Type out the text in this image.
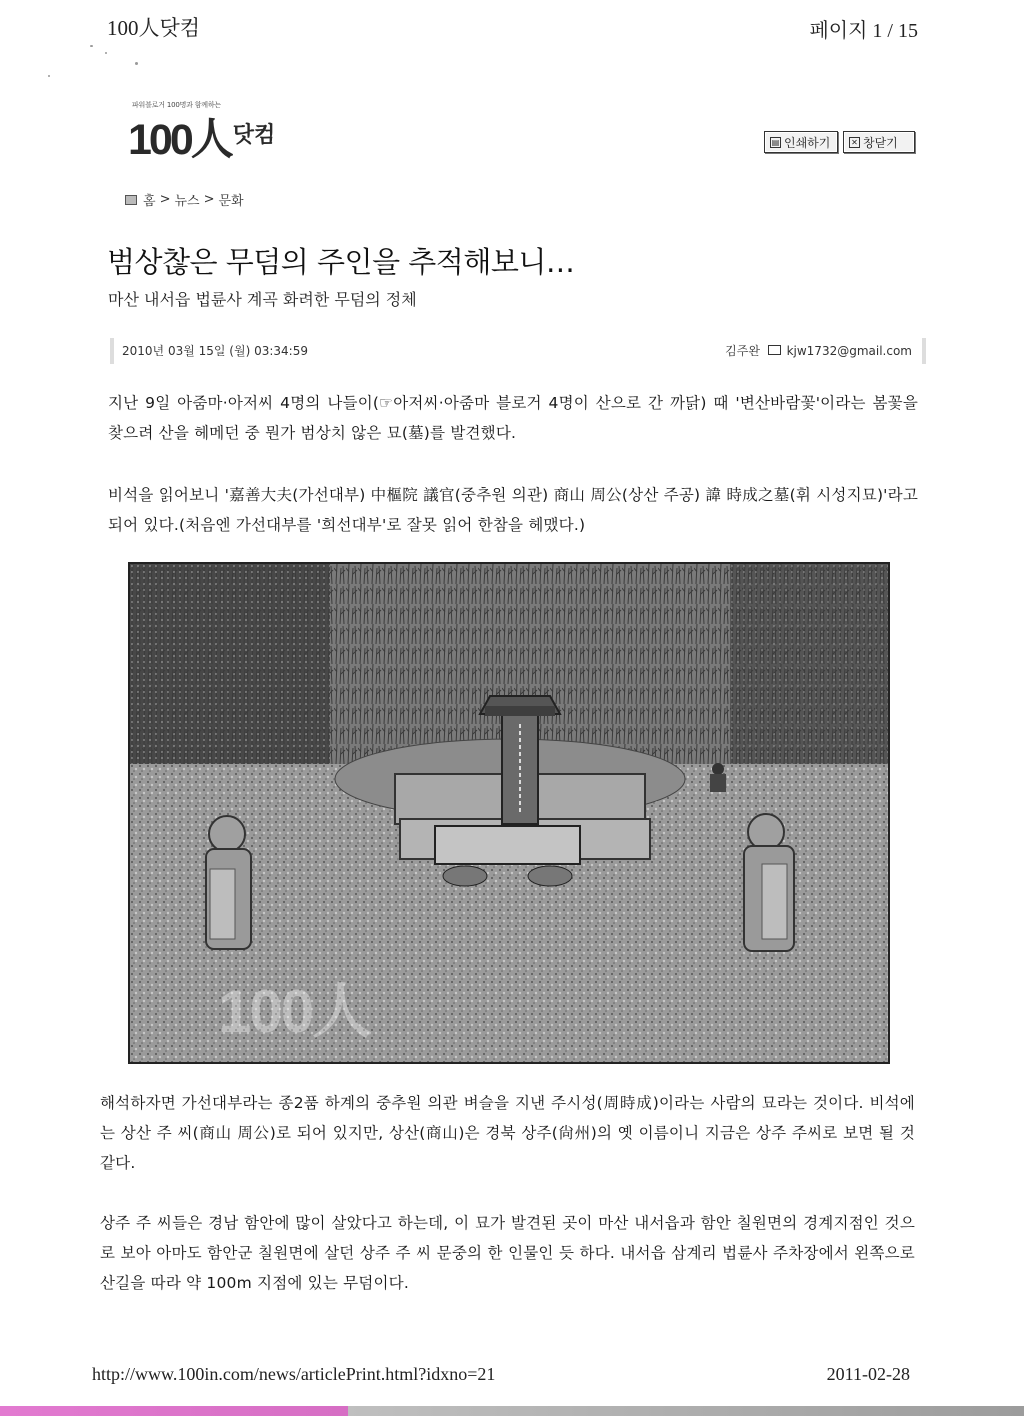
100人닷컴	페이지 1 / 15
파워블로거 100명과 함께하는
100人$^{닷컴}$	▤ 인쇄하기	✕ 창닫기
홈 > 뉴스 > 문화
범상찮은 무덤의 주인을 추적해보니…
마산 내서읍 법륜사 계곡 화려한 무덤의 정체
2010년 03월 15일 (월) 03:34:59	김주완 kjw1732@gmail.com
지난 9일 아줌마·아저씨 4명의 나들이(☞아저씨·아줌마 블로거 4명이 산으로 간 까닭) 때 '변산바람꽃'이라는 봄꽃을 찾으려 산을 헤메던 중 뭔가 범상치 않은 묘(墓)를 발견했다.
비석을 읽어보니 '嘉善大夫(가선대부) 中樞院 議官(중추원 의관) 商山 周公(상산 주공) 諱 時成之墓(휘 시성지묘)'라고 되어 있다.(처음엔 가선대부를 '희선대부'로 잘못 읽어 한참을 헤맸다.)
100人
해석하자면 가선대부라는 종2품 하계의 중추원 의관 벼슬을 지낸 주시성(周時成)이라는 사람의 묘라는 것이다. 비석에는 상산 주 씨(商山 周公)로 되어 있지만, 상산(商山)은 경북 상주(尙州)의 옛 이름이니 지금은 상주 주씨로 보면 될 것 같다.
상주 주 씨들은 경남 함안에 많이 살았다고 하는데, 이 묘가 발견된 곳이 마산 내서읍과 함안 칠원면의 경계지점인 것으로 보아 아마도 함안군 칠원면에 살던 상주 주 씨 문중의 한 인물인 듯 하다. 내서읍 삼계리 법륜사 주차장에서 왼쪽으로 산길을 따라 약 100m 지점에 있는 무덤이다.
http://www.100in.com/news/articlePrint.html?idxno=21	2011-02-28
